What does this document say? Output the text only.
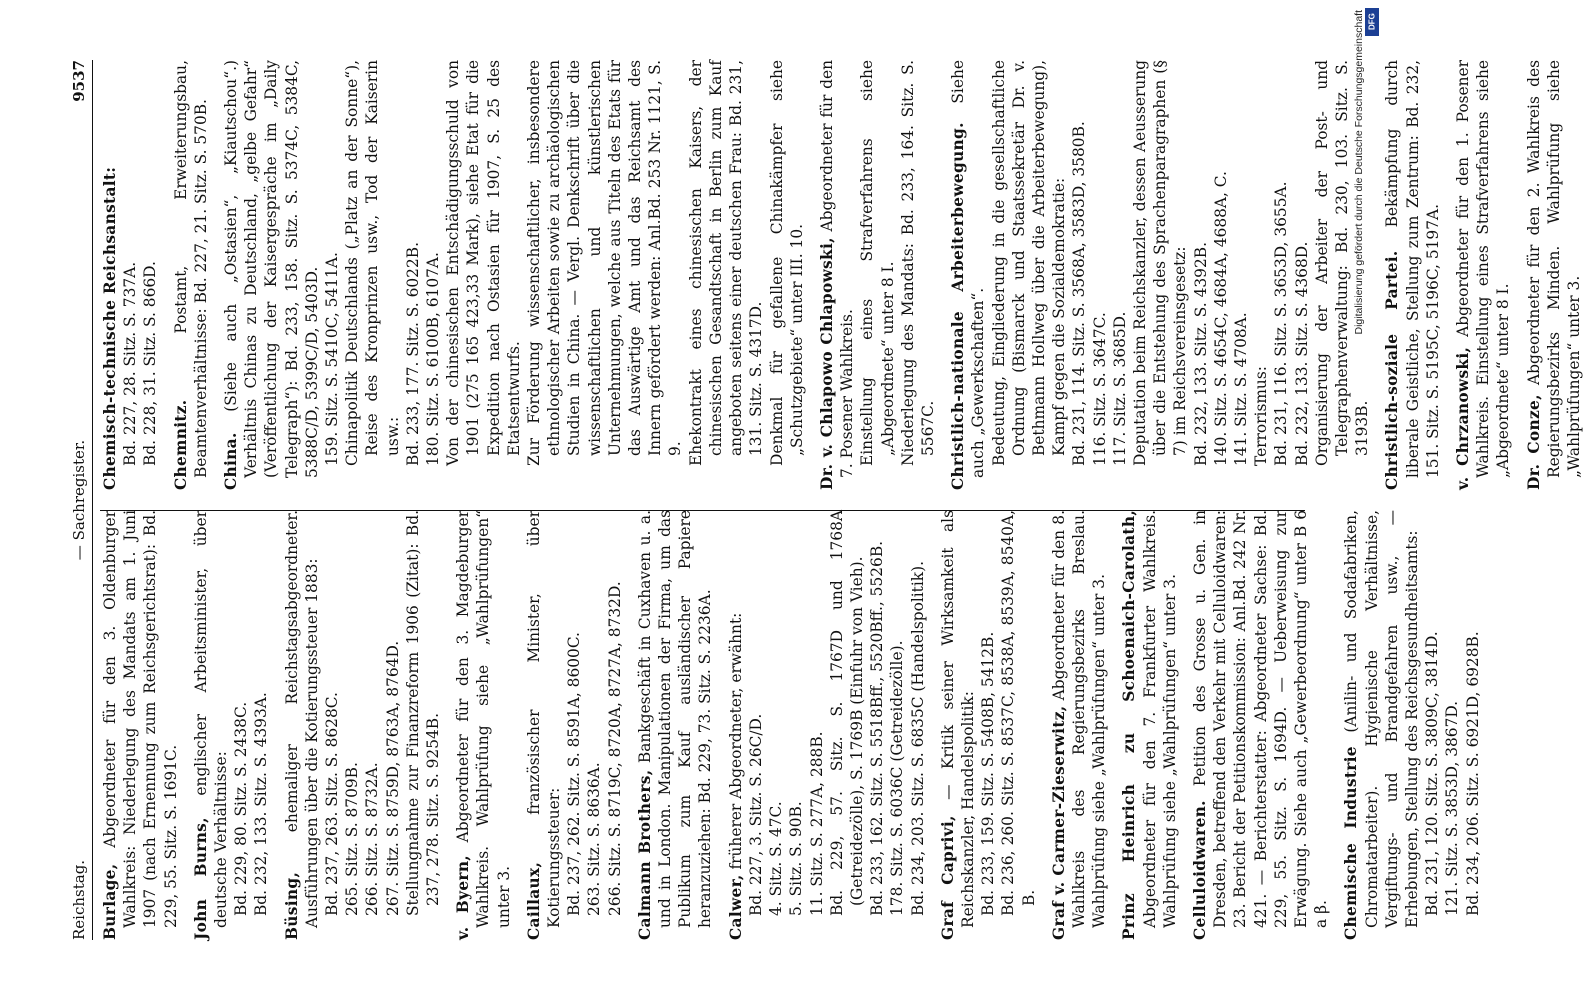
Reichstag.
— Sachregister.
9537

Burlage, Abgeordneter für den 3. Oldenburger Wahlkreis: Niederlegung des Mandats am 1. Juni 1907 (nach Ernennung zum Reichsgerichtsrat): Bd. 229, 55. Sitz. S. 1691C. John Burns, englischer Arbeitsminister, über deutsche Verhältnisse: Bd. 229, 80. Sitz. S. 2438C. Bd. 232, 133. Sitz. S. 4393A. Büsing, ehemaliger Reichstagsabgeordneter. Ausführungen über die Kotierungssteuer 1883: Bd. 237, 263. Sitz. S. 8628C. 265. Sitz. S. 8709B. 266. Sitz. S. 8732A. 267. Sitz. S. 8759D, 8763A, 8764D. Stellungnahme zur Finanzreform 1906 (Zitat): Bd. 237, 278. Sitz. S. 9254B. v. Byern, Abgeordneter für den 3. Magdeburger Wahlkreis. Wahlprüfung siehe „Wahlprüfungen“ unter 3. Caillaux, französischer Minister, über Kotierungssteuer: Bd. 237, 262. Sitz. S. 8591A, 8600C. 263. Sitz. S. 8636A. 266. Sitz. S. 8719C, 8720A, 8727A, 8732D. Calmann Brothers, Bankgeschäft in Cuxhaven u. a. und in London. Manipulationen der Firma, um das Publikum zum Kauf ausländischer Papiere heranzuziehen: Bd. 229, 73. Sitz. S. 2236A. Calwer, früherer Abgeordneter, erwähnt: Bd. 227, 3. Sitz. S. 26C/D. 4. Sitz. S. 47C. 5. Sitz. S. 90B. 11. Sitz. S. 277A, 288B. Bd. 229, 57. Sitz. S. 1767D und 1768A (Getreidezölle), S. 1769B (Einfuhr von Vieh). Bd. 233, 162. Sitz. S. 5518Bff., 5520Bff., 5526B. 178. Sitz. S. 6036C (Getreidezölle). Bd. 234, 203. Sitz. S. 6835C (Handelspolitik). Graf Caprivi, — Kritik seiner Wirksamkeit als Reichskanzler, Handelspolitik: Bd. 233, 159. Sitz. S. 5408B, 5412B. Bd. 236, 260. Sitz. S. 8537C, 8538A, 8539A, 8540A, B. Graf v. Carmer-Zieserwitz, Abgeordneter für den 8. Wahlkreis des Regierungsbezirks Breslau. Wahlprüfung siehe „Wahlprüfungen“ unter 3. Prinz Heinrich zu Schoenaich-Carolath, Abgeordneter für den 7. Frankfurter Wahlkreis. Wahlprüfung siehe „Wahlprüfungen“ unter 3. Celluloidwaren. Petition des Grosse u. Gen. in Dresden, betreffend den Verkehr mit Celluloidwaren: 23. Bericht der Petitionskommission: Anl.Bd. 242 Nr. 421. — Berichterstatter: Abgeordneter Sachse: Bd. 229, 55. Sitz. S. 1694D. — Ueberweisung zur Erwägung. Siehe auch „Gewerbeordnung“ unter B 6 a β. Chemische Industrie (Anilin- und Sodafabriken, Chromatarbeiter). Hygienische Verhältnisse, Vergiftungs- und Brandgefahren usw., — Erhebungen, Stellung des Reichsgesundheitsamts: Bd. 231, 120. Sitz. S. 3809C, 3814D. 121. Sitz. S. 3853D, 3867D. Bd. 234, 206. Sitz. S. 6921D, 6928B.

Chemisch-technische Reichsanstalt: Bd. 227, 28. Sitz. S. 737A. Bd. 228, 31. Sitz. S. 866D. Chemnitz. Postamt, Erweiterungsbau, Beamtenverhältnisse: Bd. 227, 21. Sitz. S. 570B. China. (Siehe auch „Ostasien“, „Kiautschou“.) Verhältnis Chinas zu Deutschland, „gelbe Gefahr“ (Veröffentlichung der Kaisergespräche im „Daily Telegraph“): Bd. 233, 158. Sitz. S. 5374C, 5384C, 5388C/D, 5399C/D, 5403D. 159. Sitz. S. 5410C, 5411A. Chinapolitik Deutschlands („Platz an der Sonne“), Reise des Kronprinzen usw., Tod der Kaiserin usw.: Bd. 233, 177. Sitz. S. 6022B. 180. Sitz. S. 6100B, 6107A. Von der chinesischen Entschädigungsschuld von 1901 (275 165 423,33 Mark), siehe Etat für die Expedition nach Ostasien für 1907, S. 25 des Etatsentwurfs. Zur Förderung wissenschaftlicher, insbesondere ethnologischer Arbeiten sowie zu archäologischen Studien in China. — Vergl. Denkschrift über die wissenschaftlichen und künstlerischen Unternehmungen, welche aus Titeln des Etats für das Auswärtige Amt und das Reichsamt des Innern gefördert werden: Anl.Bd. 253 Nr. 1121, S. 9. Ehekontrakt eines chinesischen Kaisers, der chinesischen Gesandtschaft in Berlin zum Kauf angeboten seitens einer deutschen Frau: Bd. 231, 131. Sitz. S. 4317D. Denkmal für gefallene Chinakämpfer siehe „Schutzgebiete“ unter III. 10. Dr. v. Chlapowo Chlapowski, Abgeordneter für den 7. Posener Wahlkreis. Einstellung eines Strafverfahrens siehe „Abgeordnete“ unter 8 I. Niederlegung des Mandats: Bd. 233, 164. Sitz. S. 5567C. Christlich-nationale Arbeiterbewegung. Siehe auch „Gewerkschaften“. Bedeutung, Eingliederung in die gesellschaftliche Ordnung (Bismarck und Staatssekretär Dr. v. Bethmann Hollweg über die Arbeiterbewegung), Kampf gegen die Sozialdemokratie: Bd. 231, 114. Sitz. S. 3568A, 3583D, 3580B. 116. Sitz. S. 3647C. 117. Sitz. S. 3685D. Deputation beim Reichskanzler, dessen Aeusserung über die Entstehung des Sprachenparagraphen (§ 7) im Reichsvereinsgesetz: Bd. 232, 133. Sitz. S. 4392B. 140. Sitz. S. 4654C, 4684A, 4688A, C. 141. Sitz. S. 4708A. Terrorismus: Bd. 231, 116. Sitz. S. 3653D, 3655A. Bd. 232, 133. Sitz. S. 4368D. Organisierung der Arbeiter der Post- und Telegraphenverwaltung: Bd. 230, 103. Sitz. S. 3193B. Christlich-soziale Partei. Bekämpfung durch liberale Geistliche, Stellung zum Zentrum: Bd. 232, 151. Sitz. S. 5195C, 5196C, 5197A. v. Chrzanowski, Abgeordneter für den 1. Posener Wahlkreis. Einstellung eines Strafverfahrens siehe „Abgeordnete“ unter 8 I. Dr. Conze, Abgeordneter für den 2. Wahlkreis des Regierungsbezirks Minden. Wahlprüfung siehe „Wahlprüfungen“ unter 3.

Digitalisierung gefördert durch die Deutsche Forschungsgemeinschaft DFG
